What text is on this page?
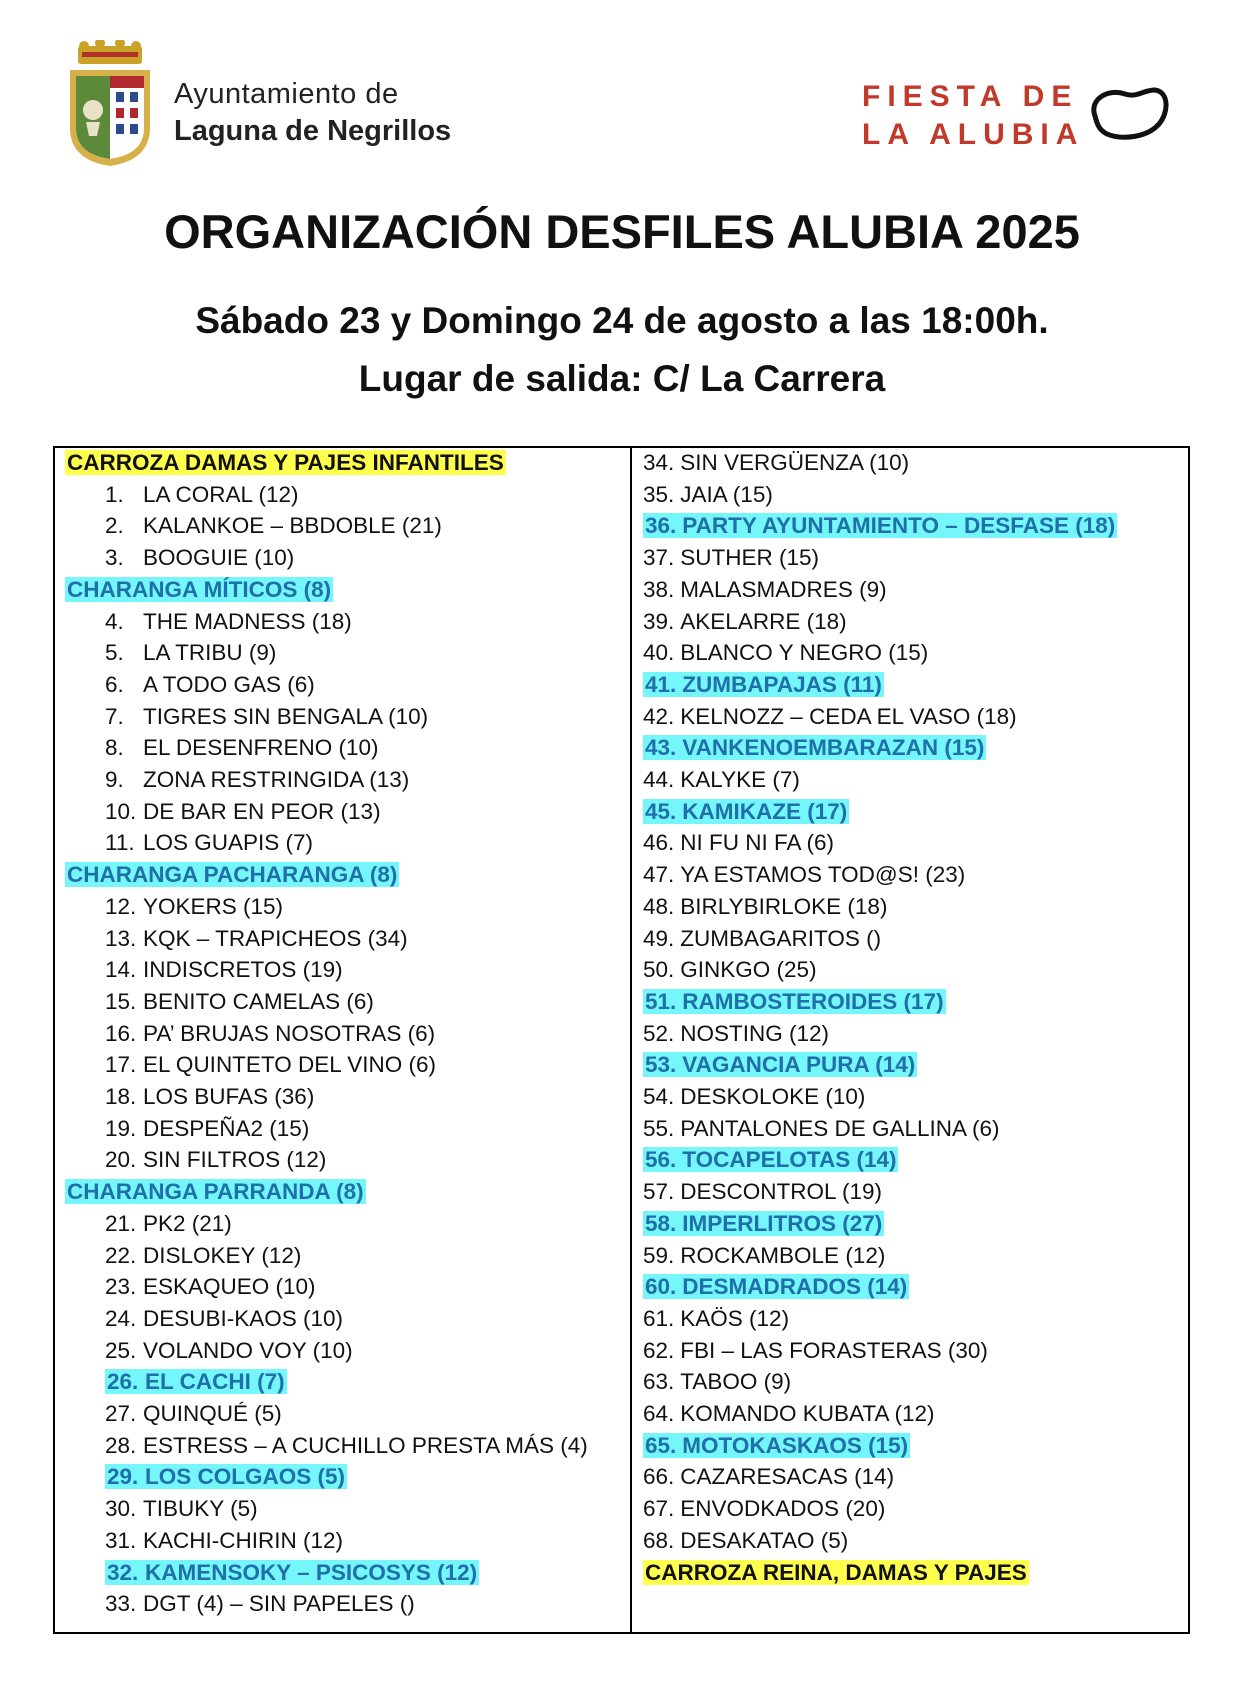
Ayuntamiento de
Laguna de Negrillos
FIESTA DE
LA ALUBIA
ORGANIZACIÓN DESFILES ALUBIA 2025
Sábado 23 y Domingo 24 de agosto a las 18:00h.
Lugar de salida: C/ La Carrera
CARROZA DAMAS Y PAJES INFANTILES
1. LA CORAL (12)
2. KALANKOE – BBDOBLE (21)
3. BOOGUIE (10)
CHARANGA MÍTICOS (8)
4. THE MADNESS (18)
5. LA TRIBU (9)
6. A TODO GAS (6)
7. TIGRES SIN BENGALA (10)
8. EL DESENFRENO (10)
9. ZONA RESTRINGIDA (13)
10. DE BAR EN PEOR (13)
11. LOS GUAPIS (7)
CHARANGA PACHARANGA (8)
12. YOKERS (15)
13. KQK – TRAPICHEOS (34)
14. INDISCRETOS (19)
15. BENITO CAMELAS (6)
16. PA’ BRUJAS NOSOTRAS (6)
17. EL QUINTETO DEL VINO (6)
18. LOS BUFAS (36)
19. DESPEÑA2 (15)
20. SIN FILTROS (12)
CHARANGA PARRANDA (8)
21. PK2 (21)
22. DISLOKEY (12)
23. ESKAQUEO (10)
24. DESUBI-KAOS (10)
25. VOLANDO VOY (10)
26. EL CACHI (7)
27. QUINQUÉ (5)
28. ESTRESS – A CUCHILLO PRESTA MÁS (4)
29. LOS COLGAOS (5)
30. TIBUKY (5)
31. KACHI-CHIRIN (12)
32. KAMENSOKY – PSICOSYS (12)
33. DGT (4) – SIN PAPELES ()
34. SIN VERGÜENZA (10)
35. JAIA (15)
36. PARTY AYUNTAMIENTO – DESFASE (18)
37. SUTHER (15)
38. MALASMADRES (9)
39. AKELARRE (18)
40. BLANCO Y NEGRO (15)
41. ZUMBAPAJAS (11)
42. KELNOZZ – CEDA EL VASO (18)
43. VANKENOEMBARAZAN (15)
44. KALYKE (7)
45. KAMIKAZE (17)
46. NI FU NI FA (6)
47. YA ESTAMOS TOD@S! (23)
48. BIRLYBIRLOKE (18)
49. ZUMBAGARITOS ()
50. GINKGO (25)
51. RAMBOSTEROIDES (17)
52. NOSTING (12)
53. VAGANCIA PURA (14)
54. DESKOLOKE (10)
55. PANTALONES DE GALLINA (6)
56. TOCAPELOTAS (14)
57. DESCONTROL (19)
58. IMPERLITROS (27)
59. ROCKAMBOLE (12)
60. DESMADRADOS (14)
61. KAÖS (12)
62. FBI – LAS FORASTERAS (30)
63. TABOO (9)
64. KOMANDO KUBATA (12)
65. MOTOKASKAOS (15)
66. CAZARESACAS (14)
67. ENVODKADOS (20)
68. DESAKATAO (5)
CARROZA REINA, DAMAS Y PAJES
